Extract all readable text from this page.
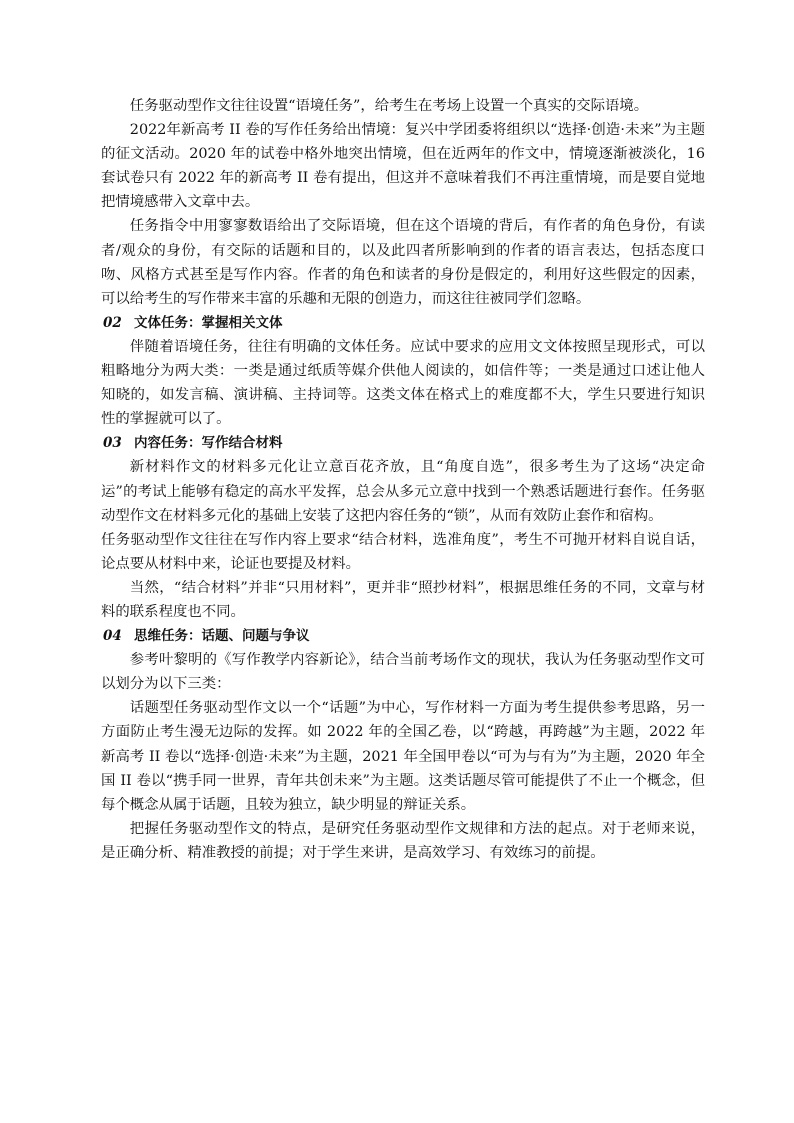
任务驱动型作文往往设置“语境任务”，给考生在考场上设置一个真实的交际语境。

2022年新高考 II 卷的写作任务给出情境：复兴中学团委将组织以“选择·创造·未来”为主题的征文活动。2020 年的试卷中格外地突出情境，但在近两年的作文中，情境逐渐被淡化，16 套试卷只有 2022 年的新高考 II 卷有提出，但这并不意味着我们不再注重情境，而是要自觉地把情境感带入文章中去。

任务指令中用寥寥数语给出了交际语境，但在这个语境的背后，有作者的角色身份，有读者/观众的身份，有交际的话题和目的，以及此四者所影响到的作者的语言表达，包括态度口吻、风格方式甚至是写作内容。作者的角色和读者的身份是假定的，利用好这些假定的因素，可以给考生的写作带来丰富的乐趣和无限的创造力，而这往往被同学们忽略。

02 文体任务：掌握相关文体

伴随着语境任务，往往有明确的文体任务。应试中要求的应用文文体按照呈现形式，可以粗略地分为两大类：一类是通过纸质等媒介供他人阅读的，如信件等；一类是通过口述让他人知晓的，如发言稿、演讲稿、主持词等。这类文体在格式上的难度都不大，学生只要进行知识性的掌握就可以了。

03 内容任务：写作结合材料

新材料作文的材料多元化让立意百花齐放，且“角度自选”，很多考生为了这场“决定命运”的考试上能够有稳定的高水平发挥，总会从多元立意中找到一个熟悉话题进行套作。任务驱动型作文在材料多元化的基础上安装了这把内容任务的“锁”，从而有效防止套作和宿构。

任务驱动型作文往往在写作内容上要求“结合材料，选准角度”，考生不可抛开材料自说自话，论点要从材料中来，论证也要提及材料。

当然，“结合材料”并非“只用材料”，更并非“照抄材料”，根据思维任务的不同，文章与材料的联系程度也不同。

04 思维任务：话题、问题与争议

参考叶黎明的《写作教学内容新论》，结合当前考场作文的现状，我认为任务驱动型作文可以划分为以下三类：

话题型任务驱动型作文以一个“话题”为中心，写作材料一方面为考生提供参考思路，另一方面防止考生漫无边际的发挥。如 2022 年的全国乙卷，以“跨越，再跨越”为主题，2022 年新高考 II 卷以“选择·创造·未来”为主题，2021 年全国甲卷以“可为与有为”为主题，2020 年全国 II 卷以“携手同一世界，青年共创未来”为主题。这类话题尽管可能提供了不止一个概念，但每个概念从属于话题，且较为独立，缺少明显的辩证关系。

把握任务驱动型作文的特点，是研究任务驱动型作文规律和方法的起点。对于老师来说，是正确分析、精准教授的前提；对于学生来讲，是高效学习、有效练习的前提。
